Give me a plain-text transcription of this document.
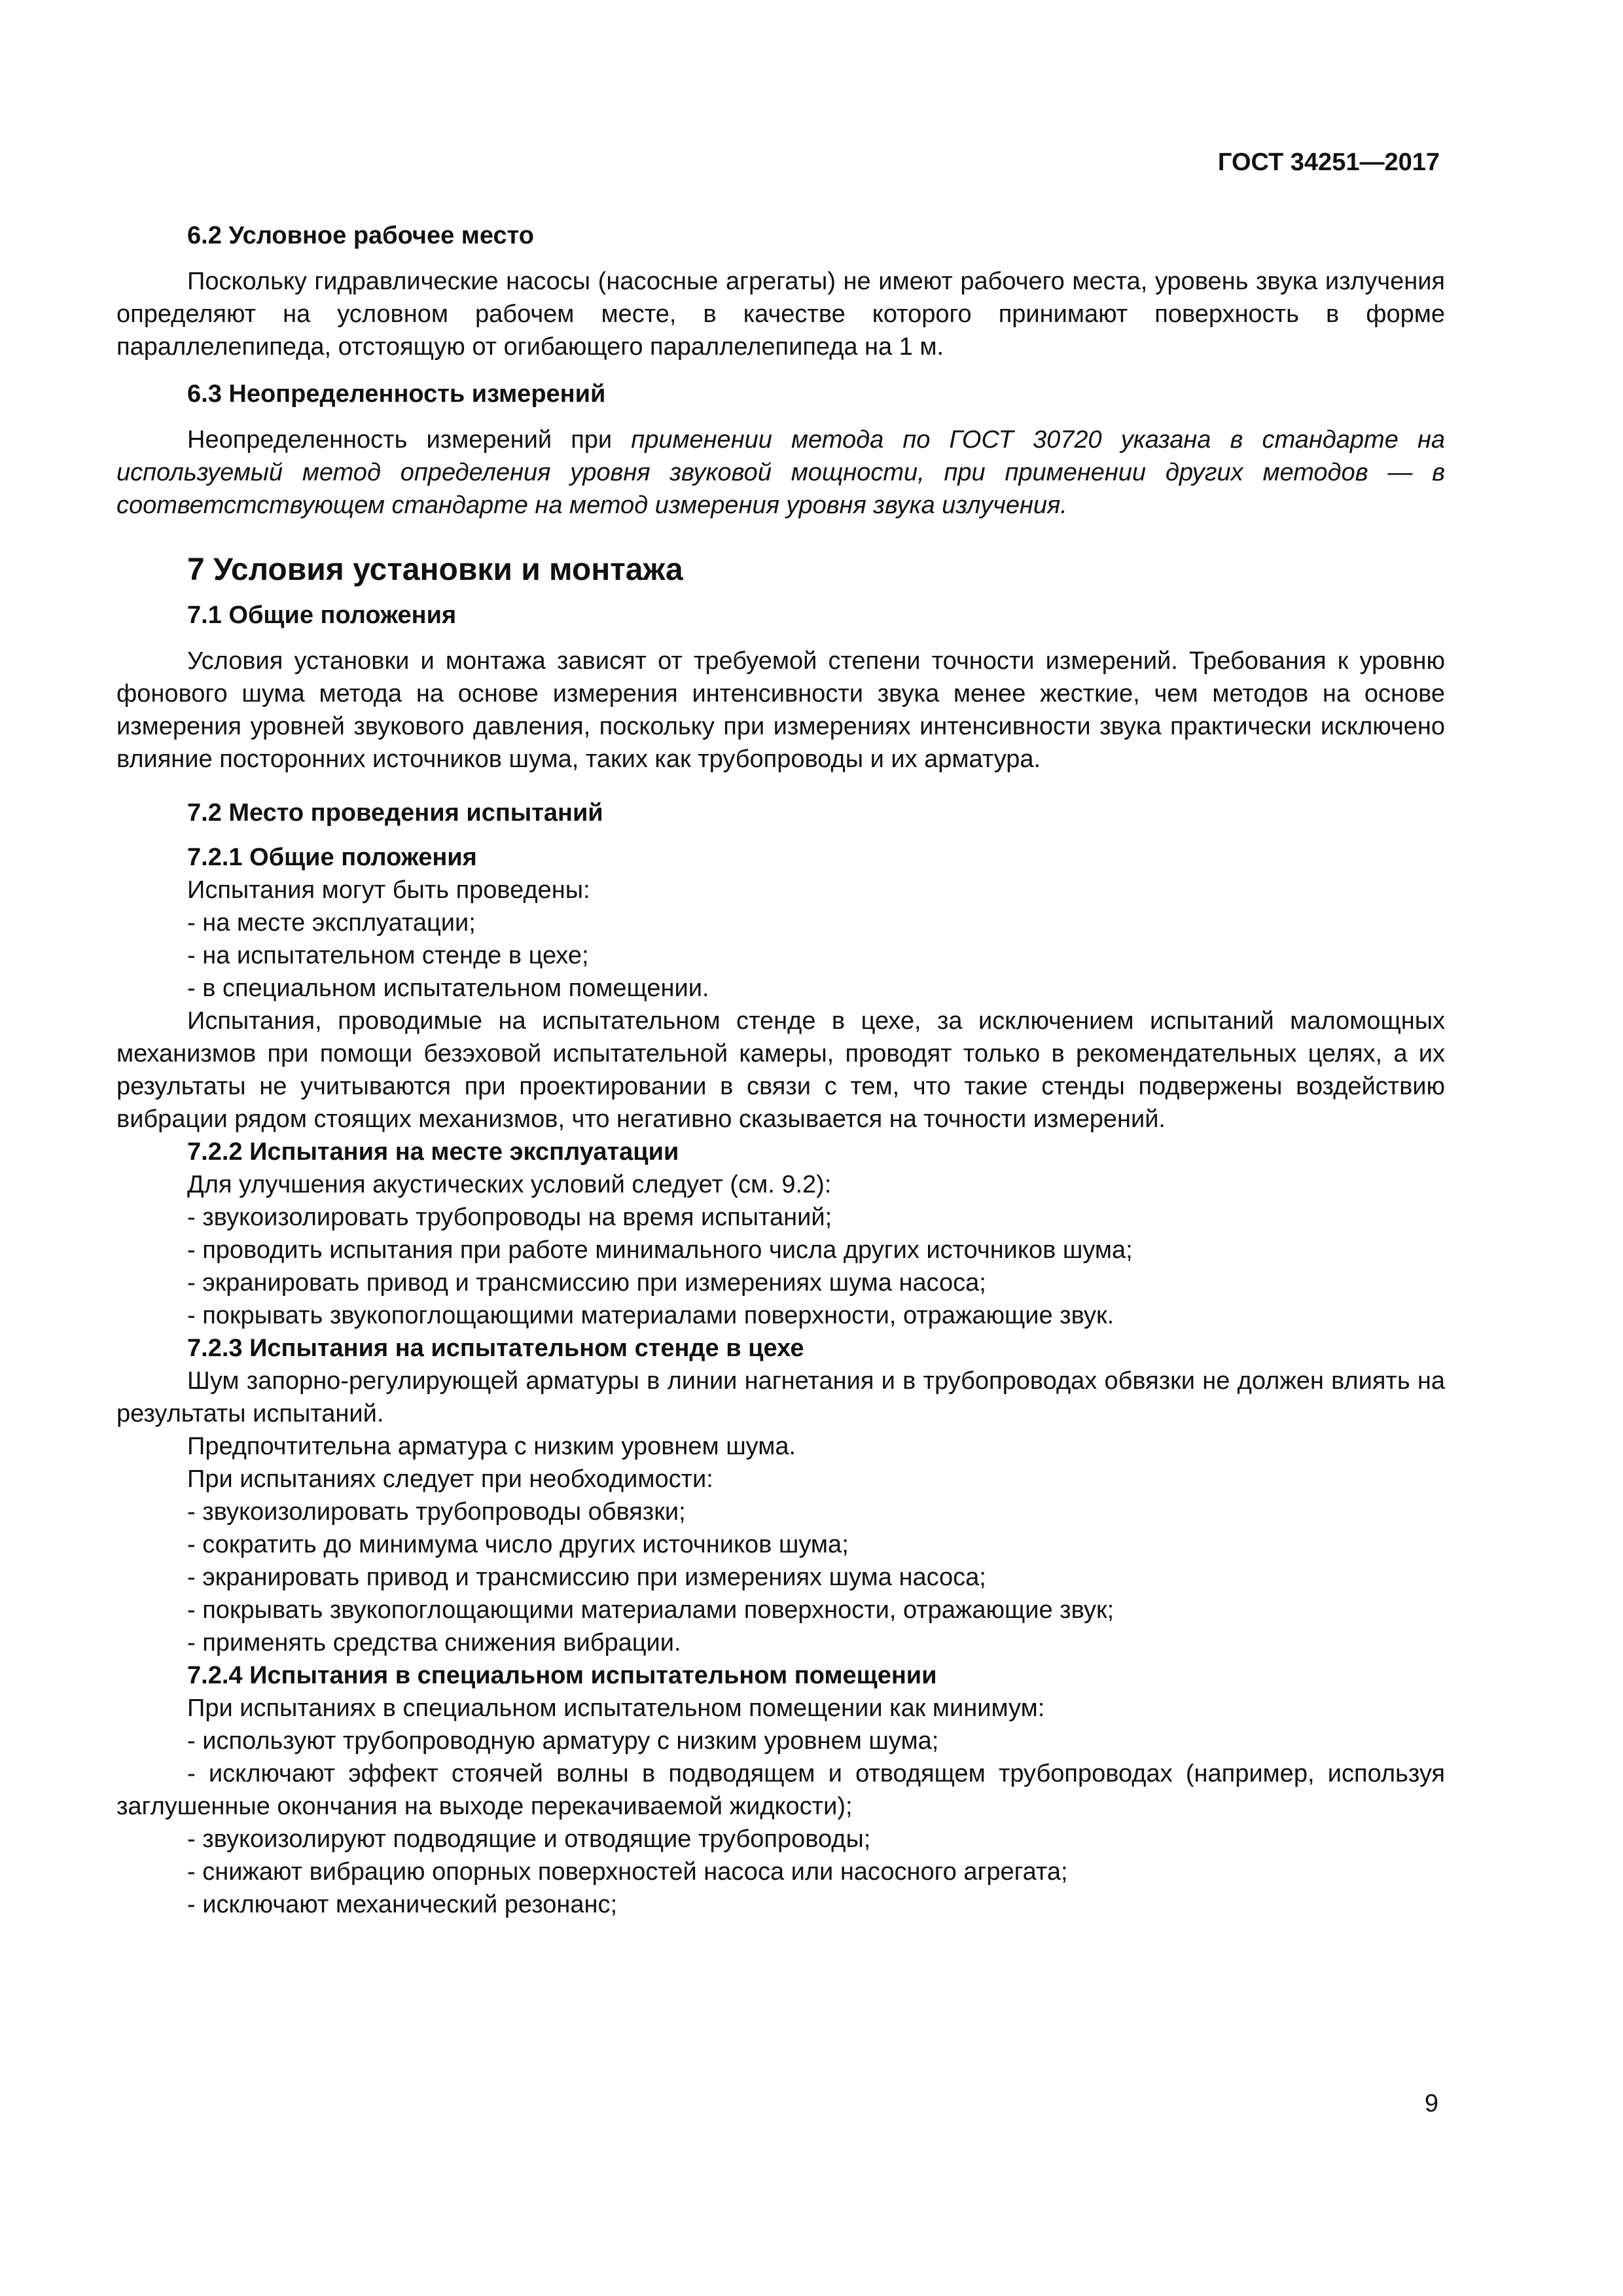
ГОСТ 34251—2017

6.2 Условное рабочее место

Поскольку гидравлические насосы (насосные агрегаты) не имеют рабочего места, уровень звука излучения определяют на условном рабочем месте, в качестве которого принимают поверхность в форме параллелепипеда, отстоящую от огибающего параллелепипеда на 1 м.

6.3 Неопределенность измерений

Неопределенность измерений при применении метода по ГОСТ 30720 указана в стандарте на используемый метод определения уровня звуковой мощности, при применении других методов — в соответстствующем стандарте на метод измерения уровня звука излучения.

7 Условия установки и монтажа
7.1 Общие положения

Условия установки и монтажа зависят от требуемой степени точности измерений. Требования к уровню фонового шума метода на основе измерения интенсивности звука менее жесткие, чем методов на основе измерения уровней звукового давления, поскольку при измерениях интенсивности звука практически исключено влияние посторонних источников шума, таких как трубопроводы и их арматура.

7.2 Место проведения испытаний
7.2.1 Общие положения

Испытания могут быть проведены:

- на месте эксплуатации;

- на испытательном стенде в цехе;

- в специальном испытательном помещении.

Испытания, проводимые на испытательном стенде в цехе, за исключением испытаний маломощных механизмов при помощи безэховой испытательной камеры, проводят только в рекомендательных целях, а их результаты не учитываются при проектировании в связи с тем, что такие стенды подвержены воздействию вибрации рядом стоящих механизмов, что негативно сказывается на точности измерений.

7.2.2 Испытания на месте эксплуатации

Для улучшения акустических условий следует (см. 9.2):

- звукоизолировать трубопроводы на время испытаний;

- проводить испытания при работе минимального числа других источников шума;

- экранировать привод и трансмиссию при измерениях шума насоса;

- покрывать звукопоглощающими материалами поверхности, отражающие звук.

7.2.3 Испытания на испытательном стенде в цехе

Шум запорно-регулирующей арматуры в линии нагнетания и в трубопроводах обвязки не должен влиять на результаты испытаний.

Предпочтительна арматура с низким уровнем шума.

При испытаниях следует при необходимости:

- звукоизолировать трубопроводы обвязки;

- сократить до минимума число других источников шума;

- экранировать привод и трансмиссию при измерениях шума насоса;

- покрывать звукопоглощающими материалами поверхности, отражающие звук;

- применять средства снижения вибрации.

7.2.4 Испытания в специальном испытательном помещении

При испытаниях в специальном испытательном помещении как минимум:

- используют трубопроводную арматуру с низким уровнем шума;

- исключают эффект стоячей волны в подводящем и отводящем трубопроводах (например, используя заглушенные окончания на выходе перекачиваемой жидкости);

- звукоизолируют подводящие и отводящие трубопроводы;

- снижают вибрацию опорных поверхностей насоса или насосного агрегата;

- исключают механический резонанс;

9
